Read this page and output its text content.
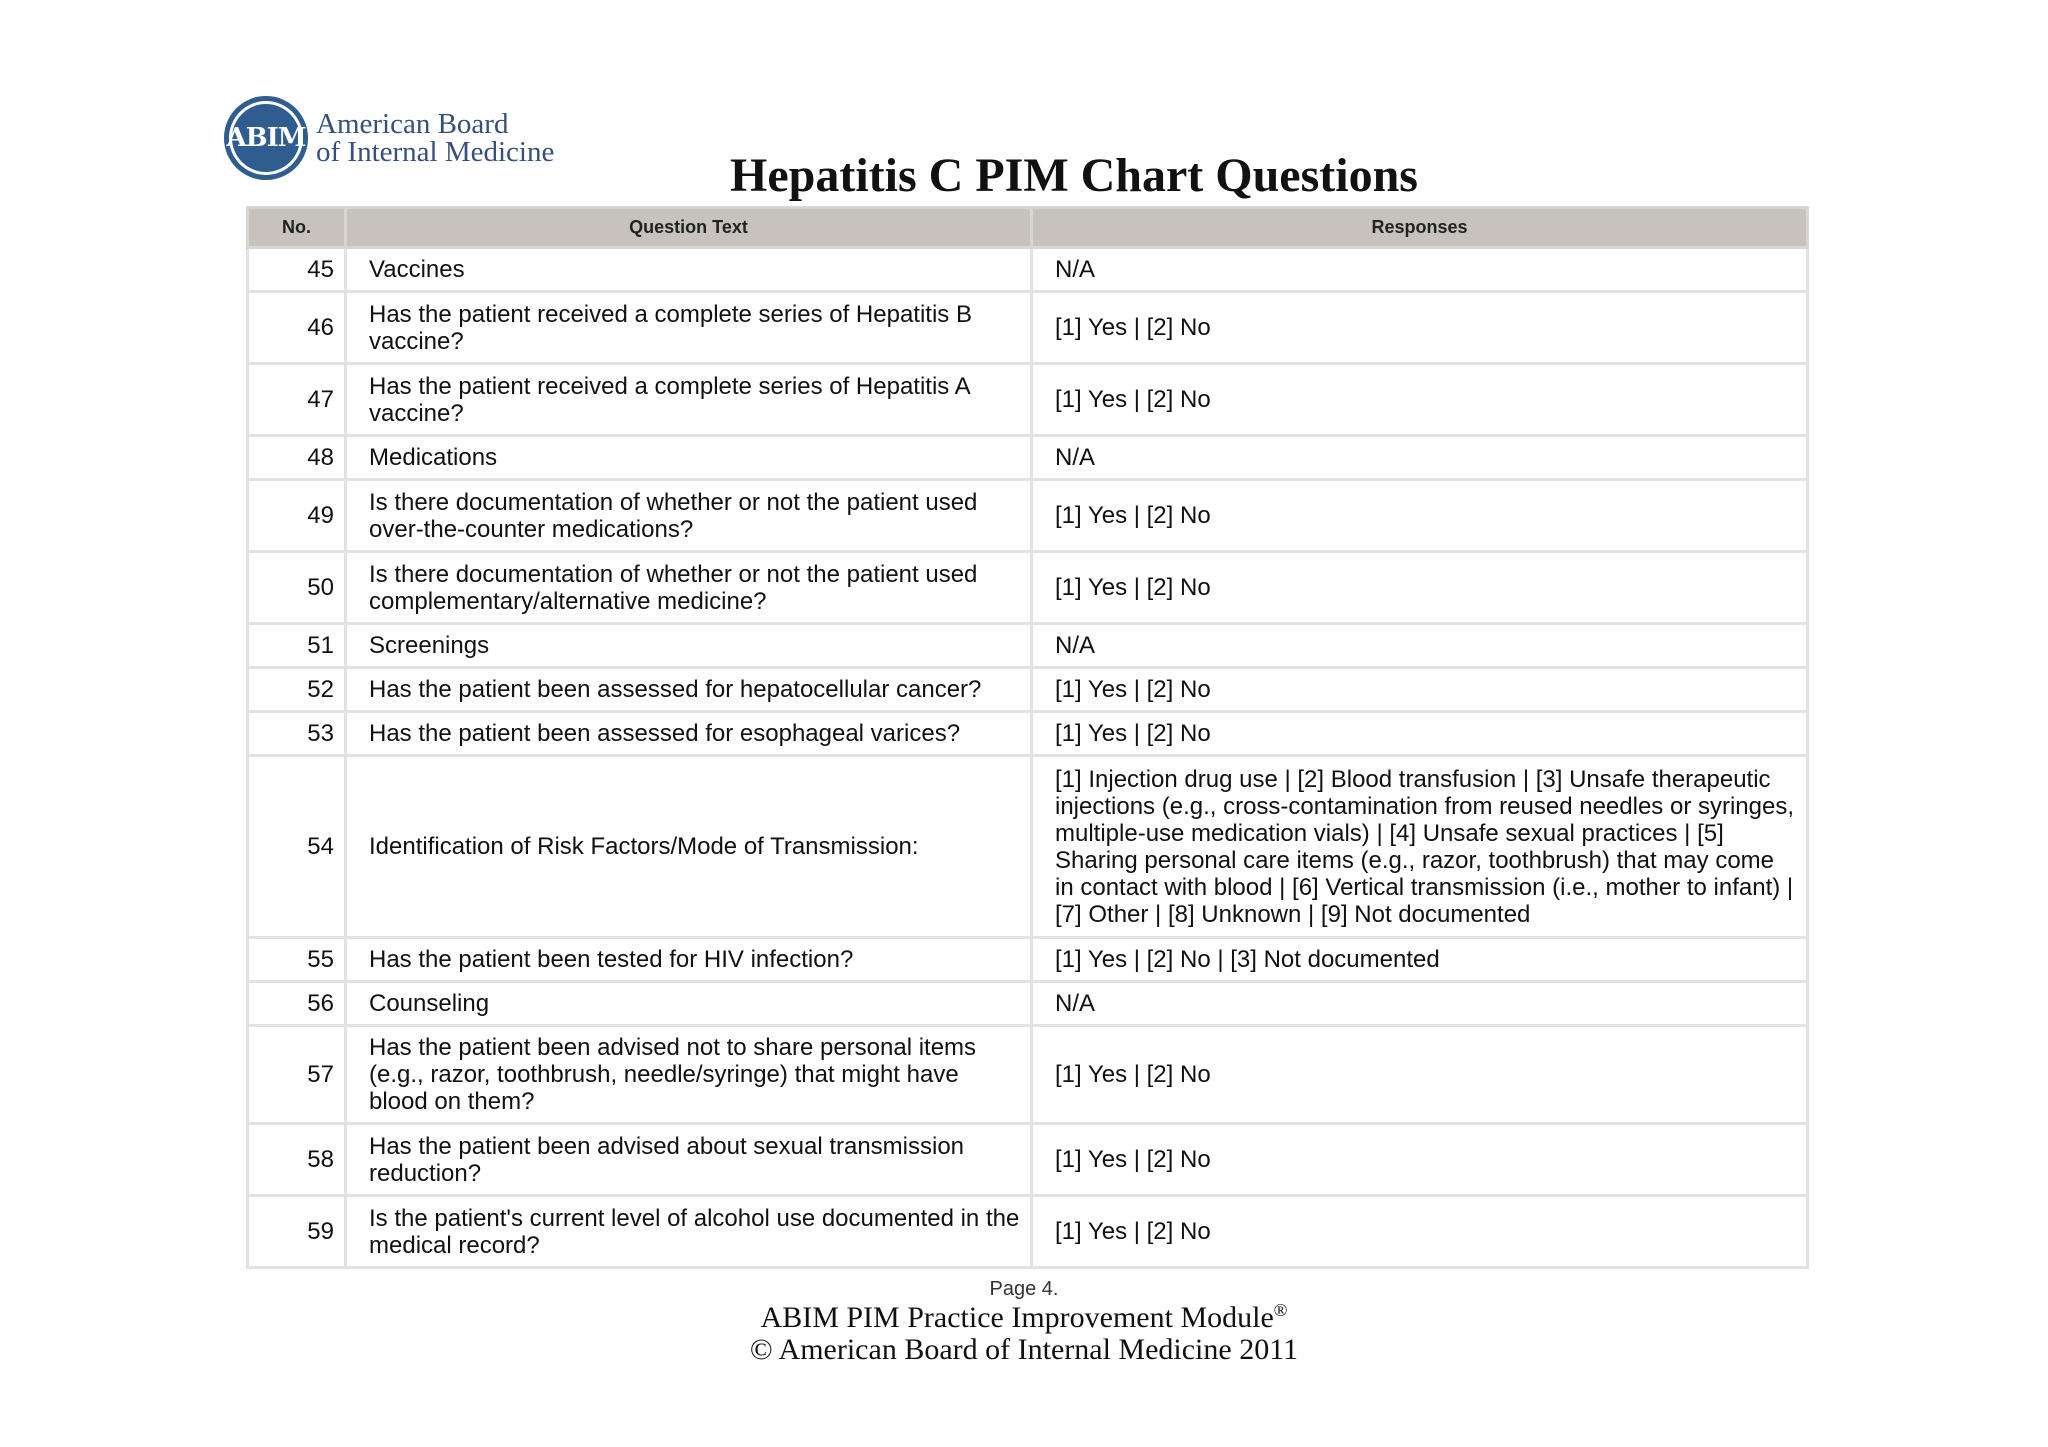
ABIM American Board
of Internal Medicine	Hepatitis C PIM Chart Questions
No.	Question Text	Responses
45	Vaccines	N/A
46	Has the patient received a complete series of Hepatitis B vaccine?	[1] Yes | [2] No
47	Has the patient received a complete series of Hepatitis A vaccine?	[1] Yes | [2] No
48	Medications	N/A
49	Is there documentation of whether or not the patient used over-the-counter medications?	[1] Yes | [2] No
50	Is there documentation of whether or not the patient used complementary/alternative medicine?	[1] Yes | [2] No
51	Screenings	N/A
52	Has the patient been assessed for hepatocellular cancer?	[1] Yes | [2] No
53	Has the patient been assessed for esophageal varices?	[1] Yes | [2] No
54	Identification of Risk Factors/Mode of Transmission:	[1] Injection drug use | [2] Blood transfusion | [3] Unsafe therapeutic injections (e.g., cross-contamination from reused needles or syringes, multiple-use medication vials) | [4] Unsafe sexual practices | [5] Sharing personal care items (e.g., razor, toothbrush) that may come in contact with blood | [6] Vertical transmission (i.e., mother to infant) | [7] Other | [8] Unknown | [9] Not documented
55	Has the patient been tested for HIV infection?	[1] Yes | [2] No | [3] Not documented
56	Counseling	N/A
57	Has the patient been advised not to share personal items (e.g., razor, toothbrush, needle/syringe) that might have blood on them?	[1] Yes | [2] No
58	Has the patient been advised about sexual transmission reduction?	[1] Yes | [2] No
59	Is the patient's current level of alcohol use documented in the medical record?	[1] Yes | [2] No
Page 4.
ABIM PIM Practice Improvement Module®
© American Board of Internal Medicine 2011
